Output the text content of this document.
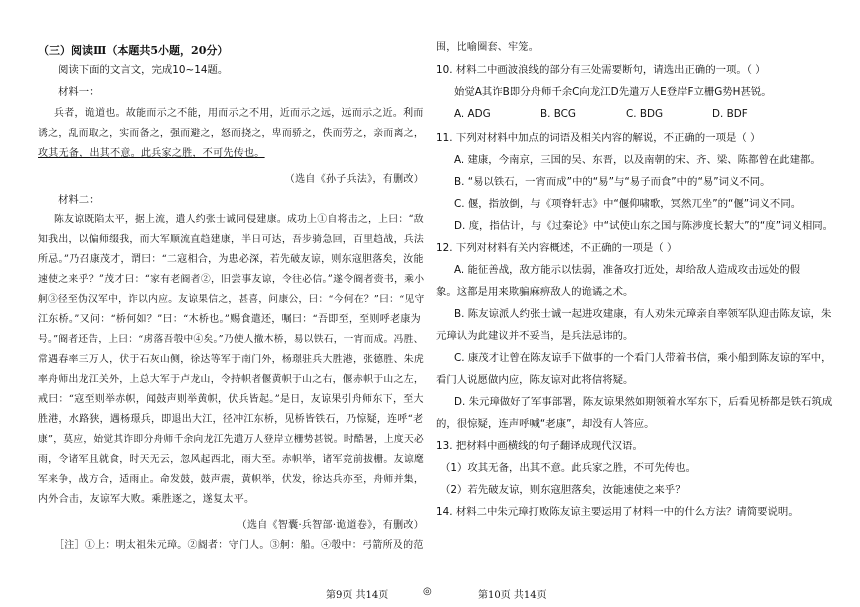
（三）阅读Ⅲ（本题共5小题，20分）
阅读下面的文言文，完成10~14题。
材料一：
兵者，诡道也。故能而示之不能，用而示之不用，近而示之远，远而示之近。利而
诱之，乱而取之，实而备之，强而避之，怒而挠之，卑而骄之，佚而劳之，亲而离之，
攻其无备，出其不意。此兵家之胜，不可先传也。
（选自《孙子兵法》，有删改）
材料二：
陈友谅既陷太平，据上流，遣人约张士诚同侵建康。成功上①自将击之，上曰：“敌
知我出，以偏师缀我，而大军顺流直趋建康，半日可达，吾步骑急回，百里趋战，兵法
所忌。”乃召康茂才，谓曰：“二寇相合，为患必深，若先破友谅，则东寇胆落矣，汝能
速使之来乎？”茂才曰：“家有老阍者②，旧尝事友谅，令往必信。”遂令阍者赍书，乘小
舸③径至伪汉军中，诈以内应。友谅果信之，甚喜，问康公，曰：“今何在？”曰：“见守
江东桥。”又问：“桥何如？”曰：“木桥也。”赐食遣还，嘱曰：“吾即至，至则呼老康为
号。”阍者还告，上曰：“虏落吾彀中④矣。”乃使人撤木桥，易以铁石，一宵而成。冯胜、
常遇春率三万人，伏于石灰山侧，徐达等军于南门外，杨璟驻兵大胜港，张德胜、朱虎
率舟师出龙江关外，上总大军于卢龙山，令持帜者偃黄帜于山之右，偃赤帜于山之左，
戒曰：“寇至则举赤帜，闻鼓声则举黄帜，伏兵皆起。”是日，友谅果引舟师东下，至大
胜港，水路狭，遇杨璟兵，即退出大江，径冲江东桥，见桥皆铁石，乃惊疑，连呼“老
康”，莫应，始觉其诈即分舟师千余向龙江先遣万人登岸立栅势甚锐。时酷暑，上度天必
雨，令诸军且就食，时天无云，忽风起西北，雨大至。赤帜举，诸军竞前拔栅。友谅麾
军来争，战方合，适雨止。命发鼓，鼓声震，黄帜举，伏发，徐达兵亦至，舟师并集，
内外合击，友谅军大败。乘胜逐之，遂复太平。
（选自《智囊·兵智部·诡道卷》，有删改）
［注］①上：明太祖朱元璋。②阍者：守门人。③舸：船。④彀中：弓箭所及的范
围，比喻圈套、牢笼。
10. 材料二中画波浪线的部分有三处需要断句，请选出正确的一项。（ ）
始觉A其诈B即分舟师千余C向龙江D先遣万人E登岸F立栅G势H甚锐。
A. ADG	B. BCG	C. BDG	D. BDF
11. 下列对材料中加点的词语及相关内容的解说，不正确的一项是（ ）
A. 建康，今南京，三国的吴、东晋，以及南朝的宋、齐、梁、陈都曾在此建都。
B. “易以铁石，一宵而成”中的“易”与“易子而食”中的“易”词义不同。
C. 偃，指放倒，与《项脊轩志》中“偃仰啸歌，冥然兀坐”的“偃”词义不同。
D. 度，指估计，与《过秦论》中“试使山东之国与陈涉度长絜大”的“度”词义相同。
12. 下列对材料有关内容概述，不正确的一项是（ ）
A. 能征善战，敌方能示以怯弱，准备攻打近处，却给敌人造成攻击远处的假
象。这都是用来欺骗麻痹敌人的诡谲之术。
B. 陈友谅派人约张士诚一起进攻建康，有人劝朱元璋亲自率领军队迎击陈友谅，朱
元璋认为此建议并不妥当，是兵法忌讳的。
C. 康茂才让曾在陈友谅手下做事的一个看门人带着书信，乘小船到陈友谅的军中，
看门人说愿做内应，陈友谅对此将信将疑。
D. 朱元璋做好了军事部署，陈友谅果然如期领着水军东下，后看见桥都是铁石筑成
的，很惊疑，连声呼喊“老康”，却没有人答应。
13. 把材料中画横线的句子翻译成现代汉语。
（1）攻其无备，出其不意。此兵家之胜，不可先传也。
（2）若先破友谅，则东寇胆落矣，汝能速使之来乎？
14. 材料二中朱元璋打败陈友谅主要运用了材料一中的什么方法？请简要说明。
第9页 共14页	◎	第10页 共14页
